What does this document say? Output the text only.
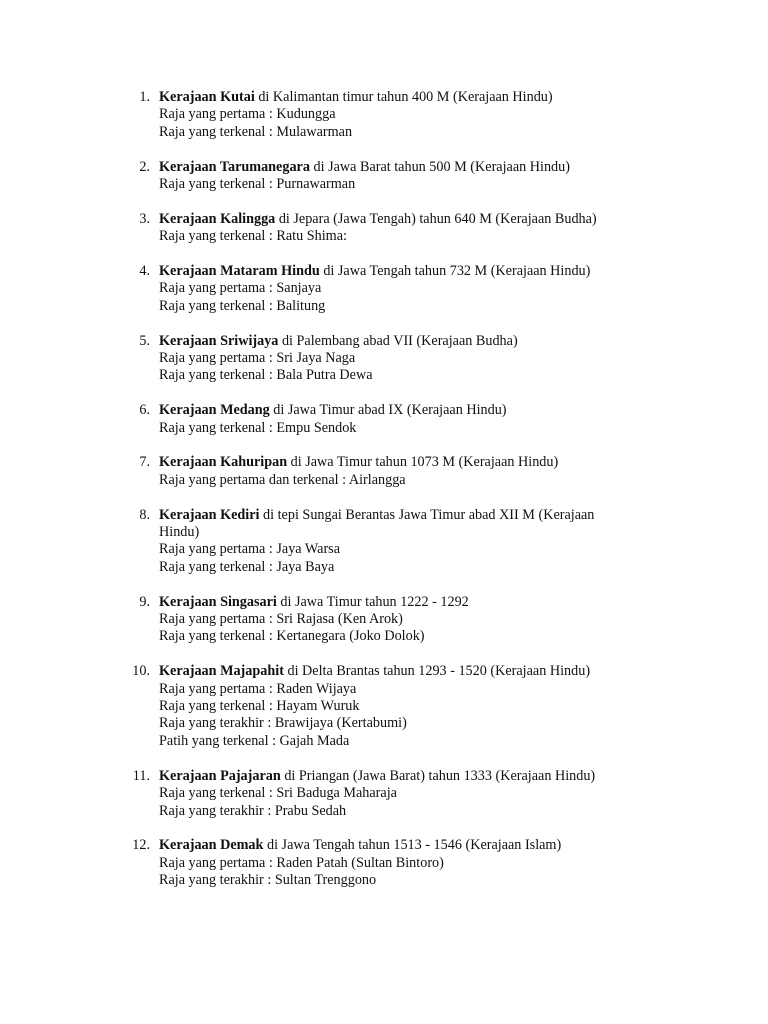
1. Kerajaan Kutai di Kalimantan timur tahun 400 M (Kerajaan Hindu)
Raja yang pertama : Kudungga
Raja yang terkenal : Mulawarman
2. Kerajaan Tarumanegara di Jawa Barat tahun 500 M (Kerajaan Hindu)
Raja yang terkenal : Purnawarman
3. Kerajaan Kalingga di Jepara (Jawa Tengah) tahun 640 M (Kerajaan Budha)
Raja yang terkenal : Ratu Shima:
4. Kerajaan Mataram Hindu di Jawa Tengah tahun 732 M (Kerajaan Hindu)
Raja yang pertama : Sanjaya
Raja yang terkenal : Balitung
5. Kerajaan Sriwijaya di Palembang abad VII (Kerajaan Budha)
Raja yang pertama : Sri Jaya Naga
Raja yang terkenal : Bala Putra Dewa
6. Kerajaan Medang di Jawa Timur abad IX (Kerajaan Hindu)
Raja yang terkenal : Empu Sendok
7. Kerajaan Kahuripan di Jawa Timur tahun 1073 M (Kerajaan Hindu)
Raja yang pertama dan terkenal : Airlangga
8. Kerajaan Kediri di tepi Sungai Berantas Jawa Timur abad XII M (Kerajaan Hindu)
Raja yang pertama : Jaya Warsa
Raja yang terkenal : Jaya Baya
9. Kerajaan Singasari di Jawa Timur tahun 1222 - 1292
Raja yang pertama : Sri Rajasa (Ken Arok)
Raja yang terkenal : Kertanegara (Joko Dolok)
10. Kerajaan Majapahit di Delta Brantas tahun 1293 - 1520 (Kerajaan Hindu)
Raja yang pertama : Raden Wijaya
Raja yang terkenal : Hayam Wuruk
Raja yang terakhir : Brawijaya (Kertabumi)
Patih yang terkenal : Gajah Mada
11. Kerajaan Pajajaran di Priangan (Jawa Barat) tahun 1333 (Kerajaan Hindu)
Raja yang terkenal : Sri Baduga Maharaja
Raja yang terakhir : Prabu Sedah
12. Kerajaan Demak di Jawa Tengah tahun 1513 - 1546 (Kerajaan Islam)
Raja yang pertama : Raden Patah (Sultan Bintoro)
Raja yang terakhir : Sultan Trenggono
